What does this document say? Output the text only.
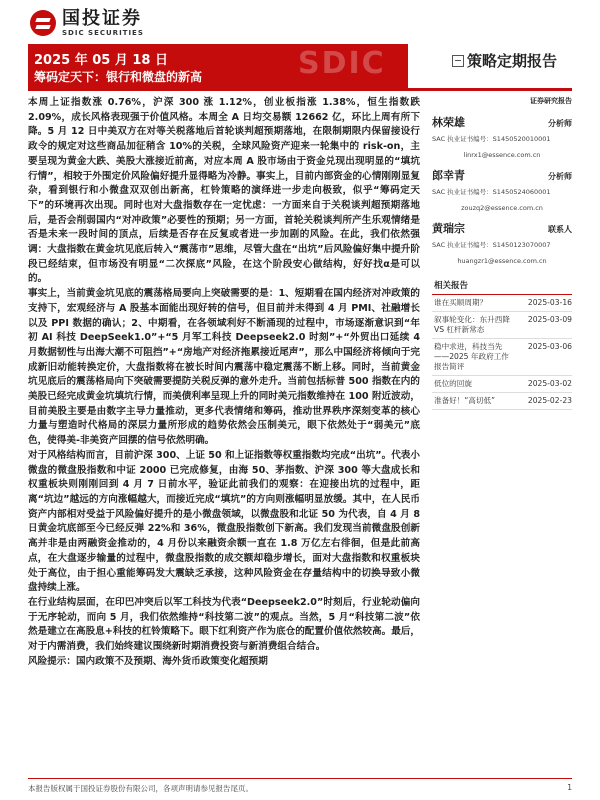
国投证券
SDIC SECURITIES
2025 年 05 月 18 日
筹码定天下：银行和微盘的新高	SDIC	策略定期报告

本周上证指数涨 0.76%，沪深 300 涨 1.12%，创业板指涨 1.38%，恒生指数跌 2.09%，成长风格表现强于价值风格。本周全 A 日均交易额 12662 亿，环比上周有所下降。5 月 12 日中美双方在对等关税落地后首轮谈判超预期落地，在限制期限内保留接设行政令的规定对这些商品加征稍含 10%的关税，全球风险资产迎来一轮集中的 risk-on，主要呈现为黄金大跌、美股大涨接近前高，对应本周 A 股市场由于资金兑现出现明显的“填坑行情”，相较于外围定价风险偏好提升显得略为冷静。事实上，目前内部资金的心情刚刚显复杂，看到银行和小微盘双双创出新高，杠铃策略的演绎进一步走向极致，似乎“筹码定天下”的环境再次出现。同时也对大盘指数存在一定忧虑：一方面来自于关税谈判超预期落地后，是否会削弱国内“对冲政策”必要性的预期；另一方面，首轮关税谈判所产生乐观情绪是否是未来一段时间的顶点，后续是否存在反复或者进一步加剧的风险。在此，我们依然强调：大盘指数在黄金坑见底后转入“震荡市”思维，尽管大盘在“出坑”后风险偏好集中提升阶段已经结束，但市场没有明显“二次探底”风险，在这个阶段安心做结构，好好找α是可以的。

事实上，当前黄金坑见底的震荡格局要向上突破需要的是：1、短期看在国内经济对冲政策的支持下，宏观经济与 A 股基本面能出现好转的信号，但目前并未得到 4 月 PMI、社融增长以及 PPI 数据的确认；2、中期看，在各领域利好不断涌现的过程中，市场逐渐意识到“年初 AI 科技 DeepSeek1.0”+“5 月军工科技 Deepseek2.0 时刻”+“外贸出口延续 4 月数据韧性与出海大潮不可阻挡”+“房地产对经济拖累接近尾声”，那么中国经济将倾向于完成新旧动能转换定价，大盘指数将在被长时间内震荡中稳定震荡不断上移。同时，当前黄金坑见底后的震荡格局向下突破需要提防关税反弹的意外走升。当前包括标普 500 指数在内的美股已经完成黄金坑填坑行情，而美债利率呈现上升的同时美元指数维持在 100 附近波动，目前美股主要是由数字主导力量推动，更多代表情绪和筹码，推动世界秩序深刻变革的核心力量与塑造时代格局的深层力量所形成的趋势依然会压制美元，眼下依然处于“弱美元”底色，使得美-非美资产回摆的信号依然明确。

对于风格结构而言，目前沪深 300、上证 50 和上证指数等权重指数均完成“出坑”。代表小微盘的微盘股指数和中证 2000 已完成修复，由海 50、茅指数、沪深 300 等大盘成长和权重板块则刚刚回到 4 月 7 日前水平，验证此前我们的观察：在迎接出坑的过程中，距离“坑边”越远的方向涨幅越大，而接近完成“填坑”的方向则涨幅明显放缓。其中，在人民币资产内部相对受益于风险偏好提升的是小微盘领域，以微盘股和北证 50 为代表，自 4 月 8 日黄金坑底部至今已经反弹 22%和 36%，微盘股指数创下新高。我们发现当前微盘股创新高并非是由两融资金推动的，4 月份以来融资余额一直在 1.8 万亿左右徘徊，但是此前高点，在大盘逐步输量的过程中，微盘股指数的成交额却稳步增长，面对大盘指数和权重板块处于高位，由于担心重能筹码发大震缺乏承接，这种风险资金在存量结构中的切换导致小微盘持续上涨。

在行业结构层面，在印巴冲突后以军工科技为代表“Deepseek2.0”时刻后，行业轮动偏向于无序轮动，而向 5 月，我们依然维持“科技第二波”的观点。当然，5 月“科技第二波”依然是建立在高股息+科技的杠铃策略下。眼下红利资产作为底仓的配置价值依然较高。最后，对于内需消费，我们始终建议围绕新时期消费投资与新消费组合结合。

风险提示：国内政策不及预期、海外货币政策变化超预期

证券研究报告
林荣雄	分析师
SAC 执业证书编号：S1450520010001
linrx1@essence.com.cn
郎幸青	分析师
SAC 执业证书编号：S1450524060001
zouzq2@essence.com.cn
黄瑞宗	联系人
SAC 执业证书编号：S1450123070007
huangzr1@essence.com.cn
相关报告
谁在买顺周期？	2025-03-16
叙事轮变化：东升西降 VS 杠杆新常态
2025-03-09
稳中求进，科技当先——2025 年政府工作报告简评
2025-03-06
低位的回旋	2025-03-02
准备好！“高切低”	2025-02-23
本报告版权属于国投证券股份有限公司，各项声明请参见报告尾页。	1
